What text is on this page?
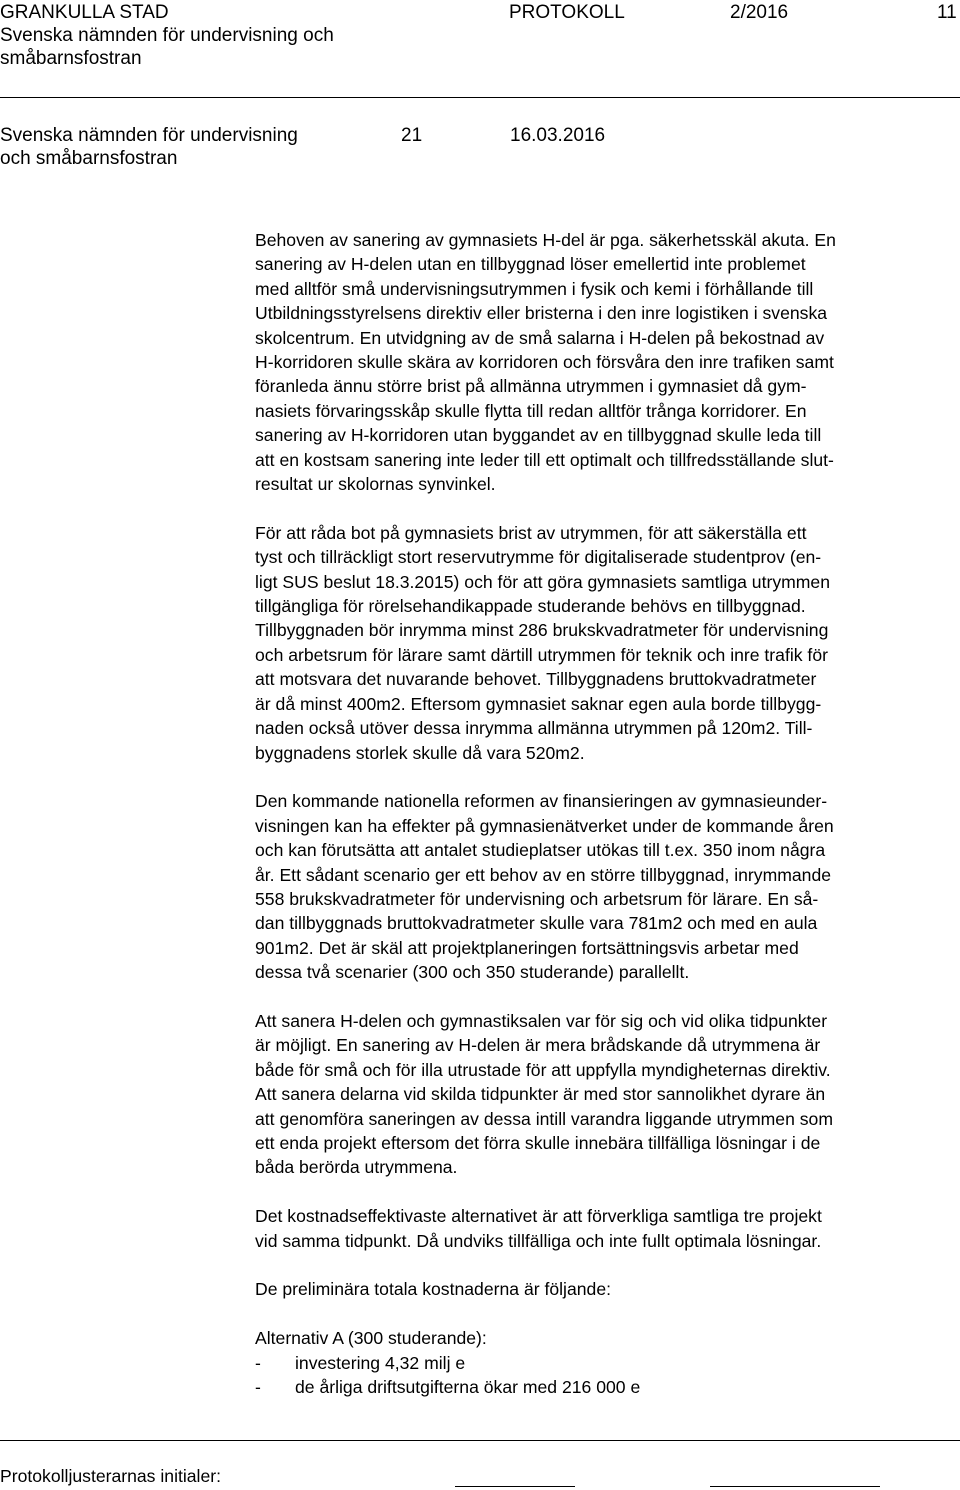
GRANKULLA STAD
Svenska nämnden för undervisning och
småbarnsfostran
PROTOKOLL	2/2016	11
Svenska nämnden för undervisning
och småbarnsfostran
21	16.03.2016
Behoven av sanering av gymnasiets H-del är pga. säkerhetsskäl akuta. En
sanering av H-delen utan en tillbyggnad löser emellertid inte problemet
med alltför små undervisningsutrymmen i fysik och kemi i förhållande till
Utbildningsstyrelsens direktiv eller bristerna i den inre logistiken i svenska
skolcentrum. En utvidgning av de små salarna i H-delen på bekostnad av
H-korridoren skulle skära av korridoren och försvåra den inre trafiken samt
föranleda ännu större brist på allmänna utrymmen i gymnasiet då gym-
nasiets förvaringsskåp skulle flytta till redan alltför trånga korridorer. En
sanering av H-korridoren utan byggandet av en tillbyggnad skulle leda till
att en kostsam sanering inte leder till ett optimalt och tillfredsställande slut-
resultat ur skolornas synvinkel.
För att råda bot på gymnasiets brist av utrymmen, för att säkerställa ett
tyst och tillräckligt stort reservutrymme för digitaliserade studentprov (en-
ligt SUS beslut 18.3.2015) och för att göra gymnasiets samtliga utrymmen
tillgängliga för rörelsehandikappade studerande behövs en tillbyggnad.
Tillbyggnaden bör inrymma minst 286 brukskvadratmeter för undervisning
och arbetsrum för lärare samt därtill utrymmen för teknik och inre trafik för
att motsvara det nuvarande behovet. Tillbyggnadens bruttokvadratmeter
är då minst 400m2. Eftersom gymnasiet saknar egen aula borde tillbygg-
naden också utöver dessa inrymma allmänna utrymmen på 120m2. Till-
byggnadens storlek skulle då vara 520m2.
Den kommande nationella reformen av finansieringen av gymnasieunder-
visningen kan ha effekter på gymnasienätverket under de kommande åren
och kan förutsätta att antalet studieplatser utökas till t.ex. 350 inom några
år. Ett sådant scenario ger ett behov av en större tillbyggnad, inrymmande
558 brukskvadratmeter för undervisning och arbetsrum för lärare. En så-
dan tillbyggnads bruttokvadratmeter skulle vara 781m2 och med en aula
901m2. Det är skäl att projektplaneringen fortsättningsvis arbetar med
dessa två scenarier (300 och 350 studerande) parallellt.
Att sanera H-delen och gymnastiksalen var för sig och vid olika tidpunkter
är möjligt. En sanering av H-delen är mera brådskande då utrymmena är
både för små och för illa utrustade för att uppfylla myndigheternas direktiv.
Att sanera delarna vid skilda tidpunkter är med stor sannolikhet dyrare än
att genomföra saneringen av dessa intill varandra liggande utrymmen som
ett enda projekt eftersom det förra skulle innebära tillfälliga lösningar i de
båda berörda utrymmena.
Det kostnadseffektivaste alternativet är att förverkliga samtliga tre projekt
vid samma tidpunkt. Då undviks tillfälliga och inte fullt optimala lösningar.
De preliminära totala kostnaderna är följande:
Alternativ A (300 studerande):
-	investering 4,32 milj e
-	de årliga driftsutgifterna ökar med 216 000 e
Protokolljusterarnas initialer:
